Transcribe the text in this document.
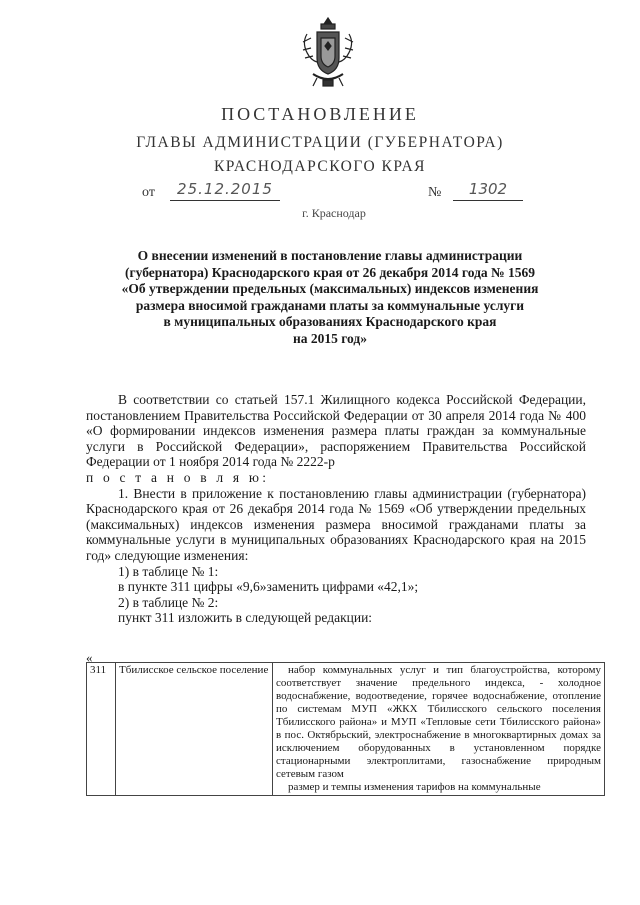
ПОСТАНОВЛЕНИЕ
ГЛАВЫ АДМИНИСТРАЦИИ (ГУБЕРНАТОРА)
КРАСНОДАРСКОГО КРАЯ
от	25.12.2015	№	1302
г. Краснодар
О внесении изменений в постановление главы администрации
(губернатора) Краснодарского края от 26 декабря 2014 года № 1569
«Об утверждении предельных (максимальных) индексов изменения
размера вносимой гражданами платы за коммунальные услуги
в муниципальных образованиях Краснодарского края
на 2015 год»

В соответствии со статьей 157.1 Жилищного кодекса Российской Федерации, постановлением Правительства Российской Федерации от 30 апреля 2014 года № 400 «О формировании индексов изменения размера платы граждан за коммунальные услуги в Российской Федерации», распоряжением Правительства Российской Федерации от 1 ноября 2014 года № 2222-р

п о с т а н о в л я ю:

1. Внести в приложение к постановлению главы администрации (губернатора) Краснодарского края от 26 декабря 2014 года № 1569 «Об утверждении предельных (максимальных) индексов изменения размера вносимой гражданами платы за коммунальные услуги в муниципальных образованиях Краснодарского края на 2015 год» следующие изменения:

1) в таблице № 1:

в пункте 311 цифры «9,6»заменить цифрами «42,1»;

2) в таблице № 2:

пункт 311 изложить в следующей редакции:

«
311	Тбилисское сельское поселение	набор коммунальных услуг и тип благоустройства, которому соответствует значение предельного индекса, - холодное водоснабжение, водоотведение, горячее водоснабжение, отопление по системам МУП «ЖКХ Тбилисского сельского поселения Тбилисского района» и МУП «Тепловые сети Тбилисского района» в пос. Октябрьский, электроснабжение в многоквартирных домах за исключением оборудованных в установленном порядке стационарными электроплитами, газоснабжение природным сетевым газом
размер и темпы изменения тарифов на коммунальные
